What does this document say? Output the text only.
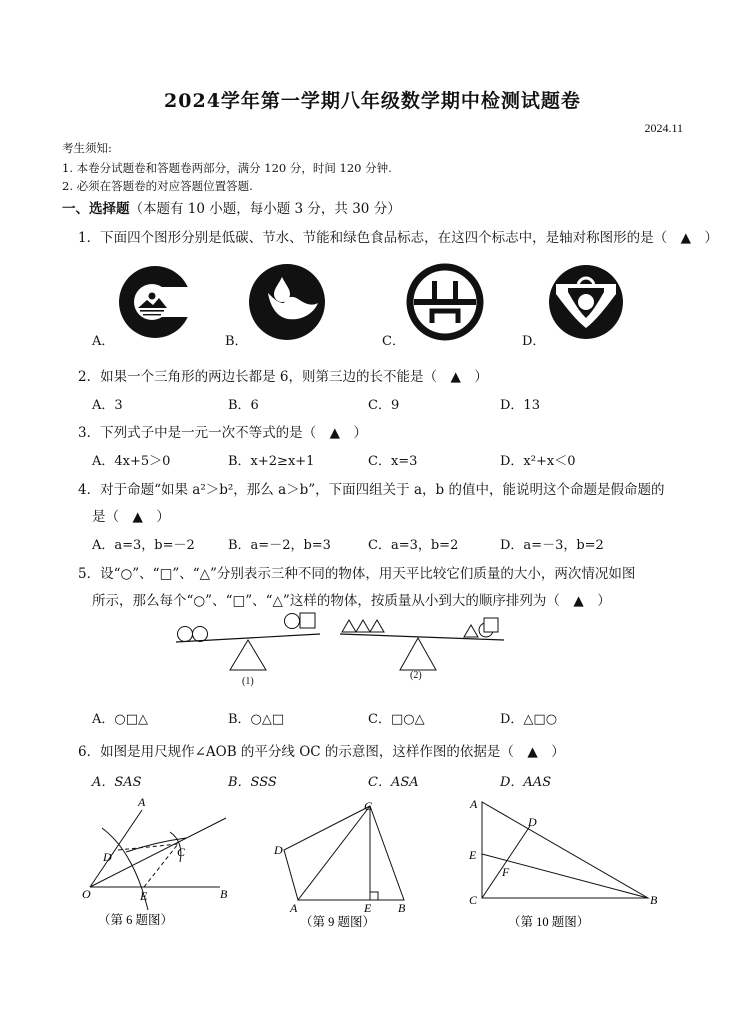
2024学年第一学期八年级数学期中检测试题卷
2024.11
考生须知:
1. 本卷分试题卷和答题卷两部分，满分 120 分，时间 120 分钟.
2. 必须在答题卷的对应答题位置答题.
一、选择题（本题有 10 小题，每小题 3 分，共 30 分）
1．下面四个图形分别是低碳、节水、节能和绿色食品标志，在这四个标志中，是轴对称图形的是（　▲　）
A．	B．	C．	D．
2．如果一个三角形的两边长都是 6，则第三边的长不能是（　▲　）
A．3	B．6	C．9	D．13
3．下列式子中是一元一次不等式的是（　▲　）
A．4x+5＞0	B．x+2≥x+1	C．x=3	D．x²+x＜0
4．对于命题“如果 a²＞b²，那么 a＞b”，下面四组关于 a，b 的值中，能说明这个命题是假命题的
是（　▲　）
A．a=3，b=－2	B．a=－2，b=3	C．a=3，b=2	D．a=－3，b=2
5．设“○”、“□”、“△”分别表示三种不同的物体，用天平比较它们质量的大小，两次情况如图
所示，那么每个“○”、“□”、“△”这样的物体，按质量从小到大的顺序排列为（　▲　）
(1)
(2)
A．○□△	B．○△□	C．□○△	D．△□○
6．如图是用尺规作∠AOB 的平分线 OC 的示意图，这样作图的依据是（　▲　）
A．SAS	B．SSS	C．ASA	D．AAS
A
D	C
O	E	B
（第 6 题图）
C
D
A	E B
（第 9 题图）
A
D
E
F
C	B
（第 10 题图）
